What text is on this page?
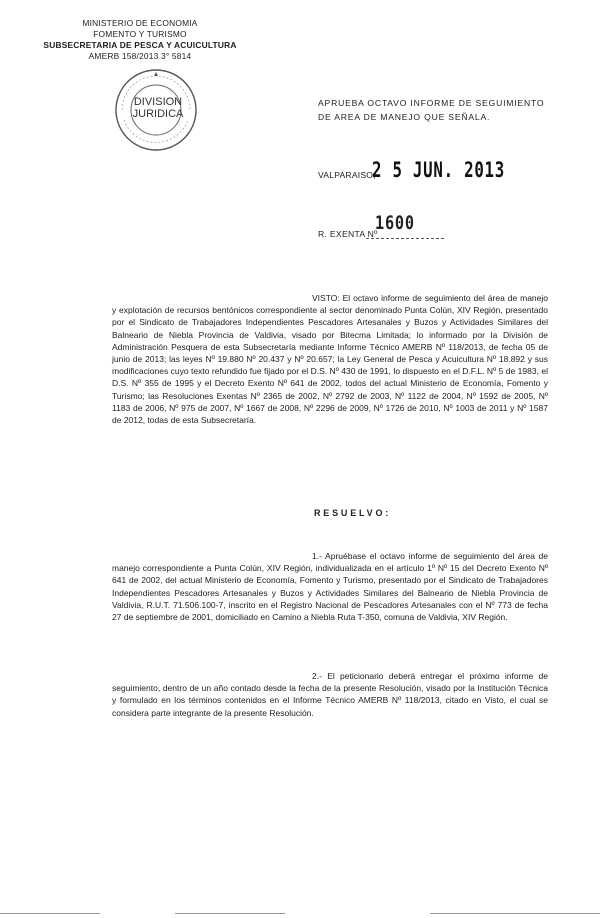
MINISTERIO DE ECONOMIA
FOMENTO Y TURISMO
SUBSECRETARIA DE PESCA Y ACUICULTURA
AMERB 158/2013 3° 5814
DIVISION
JURIDICA
APRUEBA OCTAVO INFORME DE SEGUIMIENTO DE AREA DE MANEJO QUE SEÑALA.
VALPARAISO,
2 5 JUN. 2013
R. EXENTA Nº
1600
VISTO: El octavo informe de seguimiento del área de manejo y explotación de recursos bentónicos correspondiente al sector denominado Punta Colún, XIV Región, presentado por el Sindicato de Trabajadores Independientes Pescadores Artesanales y Buzos y Actividades Similares del Balneario de Niebla Provincia de Valdivia, visado por Bitecma Limitada; lo informado por la División de Administración Pesquera de esta Subsecretaría mediante Informe Técnico AMERB Nº 118/2013, de fecha 05 de junio de 2013; las leyes Nº 19.880 Nº 20.437 y Nº 20.657; la Ley General de Pesca y Acuicultura Nº 18.892 y sus modificaciones cuyo texto refundido fue fijado por el D.S. Nº 430 de 1991, lo dispuesto en el D.F.L. Nº 5 de 1983, el D.S. Nº 355 de 1995 y el Decreto Exento Nº 641 de 2002, todos del actual Ministerio de Economía, Fomento y Turismo; las Resoluciones Exentas Nº 2365 de 2002, Nº 2792 de 2003, Nº 1122 de 2004, Nº 1592 de 2005, Nº 1183 de 2006, Nº 975 de 2007, Nº 1667 de 2008, Nº 2296 de 2009, Nº 1726 de 2010, Nº 1003 de 2011 y Nº 1587 de 2012, todas de esta Subsecretaría.
RESUELVO:
1.- Apruébase el octavo informe de seguimiento del área de manejo correspondiente a Punta Colún, XIV Región, individualizada en el artículo 1º Nº 15 del Decreto Exento Nº 641 de 2002, del actual Ministerio de Economía, Fomento y Turismo, presentado por el Sindicato de Trabajadores Independientes Pescadores Artesanales y Buzos y Actividades Similares del Balneario de Niebla Provincia de Valdivia, R.U.T. 71.506.100-7, inscrito en el Registro Nacional de Pescadores Artesanales con el Nº 773 de fecha 27 de septiembre de 2001, domiciliado en Camino a Niebla Ruta T-350, comuna de Valdivia, XIV Región.
2.- El peticionario deberá entregar el próximo informe de seguimiento, dentro de un año contado desde la fecha de la presente Resolución, visado por la Institución Técnica y formulado en los términos contenidos en el Informe Técnico AMERB Nº 118/2013, citado en Visto, el cual se considera parte integrante de la presente Resolución.
